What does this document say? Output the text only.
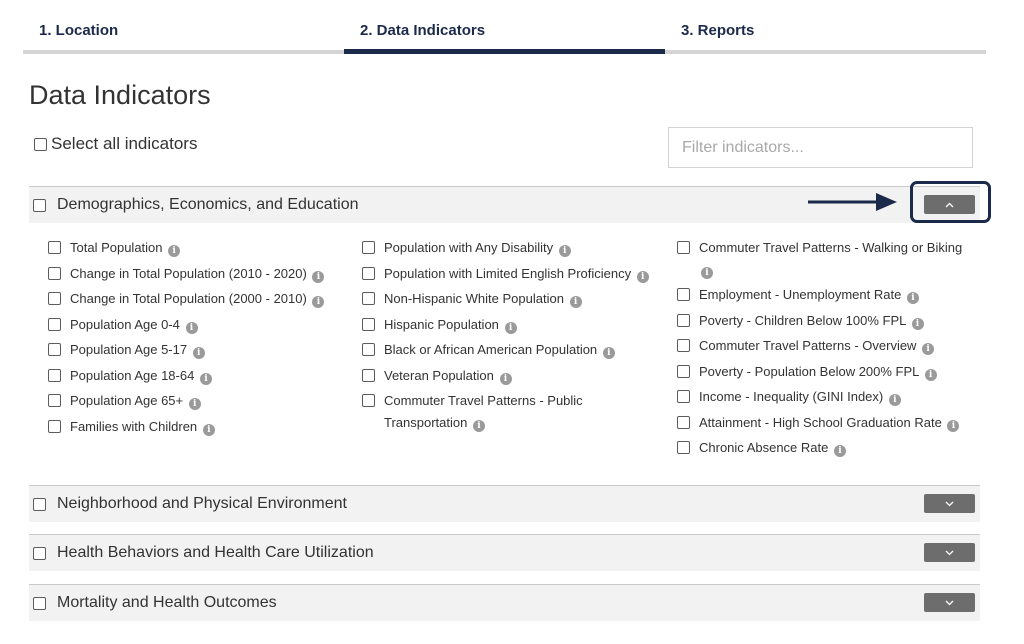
1. Location	2. Data Indicators	3. Reports
Data Indicators
Select all indicators
Filter indicators...
Demographics, Economics, and Education
Total Population i
Change in Total Population (2010 - 2020) i
Change in Total Population (2000 - 2010) i
Population Age 0-4 i
Population Age 5-17 i
Population Age 18-64 i
Population Age 65+ i
Families with Children i
Population with Any Disability i
Population with Limited English Proficiency i
Non-Hispanic White Population i
Hispanic Population i
Black or African American Population i
Veteran Population i
Commuter Travel Patterns - Public Transportation i
Commuter Travel Patterns - Walking or Biking i
Employment - Unemployment Rate i
Poverty - Children Below 100% FPL i
Commuter Travel Patterns - Overview i
Poverty - Population Below 200% FPL i
Income - Inequality (GINI Index) i
Attainment - High School Graduation Rate i
Chronic Absence Rate i
Neighborhood and Physical Environment
Health Behaviors and Health Care Utilization
Mortality and Health Outcomes
